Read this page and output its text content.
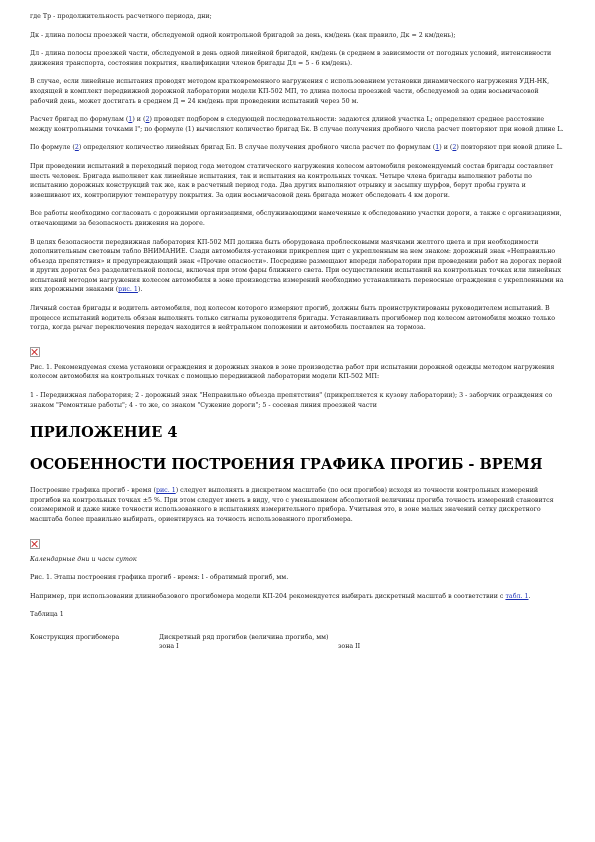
где Тр - продолжительность расчетного периода, дни;

Дк - длина полосы проезжей части, обследуемой одной контрольной бригадой за день, км/день (как правило, Дк = 2 км/день);

Дл - длина полосы проезжей части, обследуемой в день одной линейной бригадой, км/день (в среднем в зависимости от погодных условий, интенсивности движения транспорта, состояния покрытия, квалификации членов бригады Дл = 5 - 6 км/день).

В случае, если линейные испытания проводят методом кратковременного нагружения с использованием установки динамического нагружения УДН-НК, входящей в комплект передвижной дорожной лаборатории модели КП-502 МП, то длина полосы проезжей части, обследуемой за один восьмичасовой рабочий день, может достигать в среднем Д = 24 км/день при проведении испытаний через 50 м.

Расчет бригад по формулам (1) и (2) проводят подбором в следующей последовательности: задаются длиной участка L; определяют среднее расстояние между контрольными точками l"; по формуле (1) вычисляют количество бригад Бк. В случае получения дробного числа расчет повторяют при новой длине L.

По формуле (2) определяют количество линейных бригад Бл. В случае получения дробного числа расчет по формулам (1) и (2) повторяют при новой длине L.

При проведении испытаний в переходный период года методом статического нагружения колесом автомобиля рекомендуемый состав бригады составляет шесть человек. Бригада выполняет как линейные испытания, так и испытания на контрольных точках. Четыре члена бригады выполняют работы по испытанию дорожных конструкций так же, как в расчетный период года. Два других выполняют отрывку и засыпку шурфов, берут пробы грунта и взвешивают их, контролируют температуру покрытия. За один восьмичасовой день бригада может обследовать 4 км дороги.

Все работы необходимо согласовать с дорожными организациями, обслуживающими намеченные к обследованию участки дороги, а также с организациями, отвечающими за безопасность движения на дороге.

В целях безопасности передвижная лаборатория КП-502 МП должна быть оборудована проблесковыми маячками желтого цвета и при необходимости дополнительным световым табло ВНИМАНИЕ. Сзади автомобиля-установки прикреплен щит с укрепленным на нем знаком: дорожный знак «Неправильно объезда препятствия» и предупреждающий знак «Прочие опасности». Посредине размещают впереди лаборатории при проведении работ на дорогах первой и других дорогах без разделительной полосы, включая при этом фары ближнего света. При осуществлении испытаний на контрольных точках или линейных испытаний методом нагружения колесом автомобиля в зоне производства измерений необходимо устанавливать переносные ограждения с укрепленными на них дорожными знаками (рис. 1).

Личный состав бригады и водитель автомобиля, под колесом которого измеряют прогиб, должны быть проинструктированы руководителем испытаний. В процессе испытаний водитель обязан выполнять только сигналы руководителя бригады. Устанавливать прогибомер под колесом автомобиля можно только тогда, когда рычаг переключения передач находится в нейтральном положении и автомобиль поставлен на тормоза.

Рис. 1. Рекомендуемая схема установки ограждения и дорожных знаков в зоне производства работ при испытании дорожной одежды методом нагружения колесом автомобиля на контрольных точках с помощью передвижной лаборатории модели КП-502 МП:

1 - Передвижная лаборатория; 2 - дорожный знак "Неправильно объезда препятствия" (прикрепляется к кузову лаборатории); 3 - заборчик ограждения со знаком "Ремонтные работы"; 4 - то же, со знаком "Сужение дороги"; 5 - сосевая линия проезжей части

ПРИЛОЖЕНИЕ 4
ОСОБЕННОСТИ ПОСТРОЕНИЯ ГРАФИКА ПРОГИБ - ВРЕМЯ

Построение графика прогиб - время (рис. 1) следует выполнять в дискретном масштабе (по оси прогибов) исходя из точности контрольных измерений прогибов на контрольных точках ±5 %. При этом следует иметь в виду, что с уменьшением абсолютной величины прогиба точность измерений становится соизмеримой и даже ниже точности использованного в испытаниях измерительного прибора. Учитывая это, в зоне малых значений сетку дискретного масштаба более правильно выбирать, ориентируясь на точность использованного прогибомера.

Календарные дни и часы суток

Рис. 1. Этапы построения графика прогиб - время: l - обратимый прогиб, мм.

Например, при использовании длиннобазового прогибомера модели КП-204 рекомендуется выбирать дискретный масштаб в соответствии с табл. 1.

Таблица 1

Конструкция прогибомера	Дискретный ряд прогибов (величина прогиба, мм)
зона I	зона II
